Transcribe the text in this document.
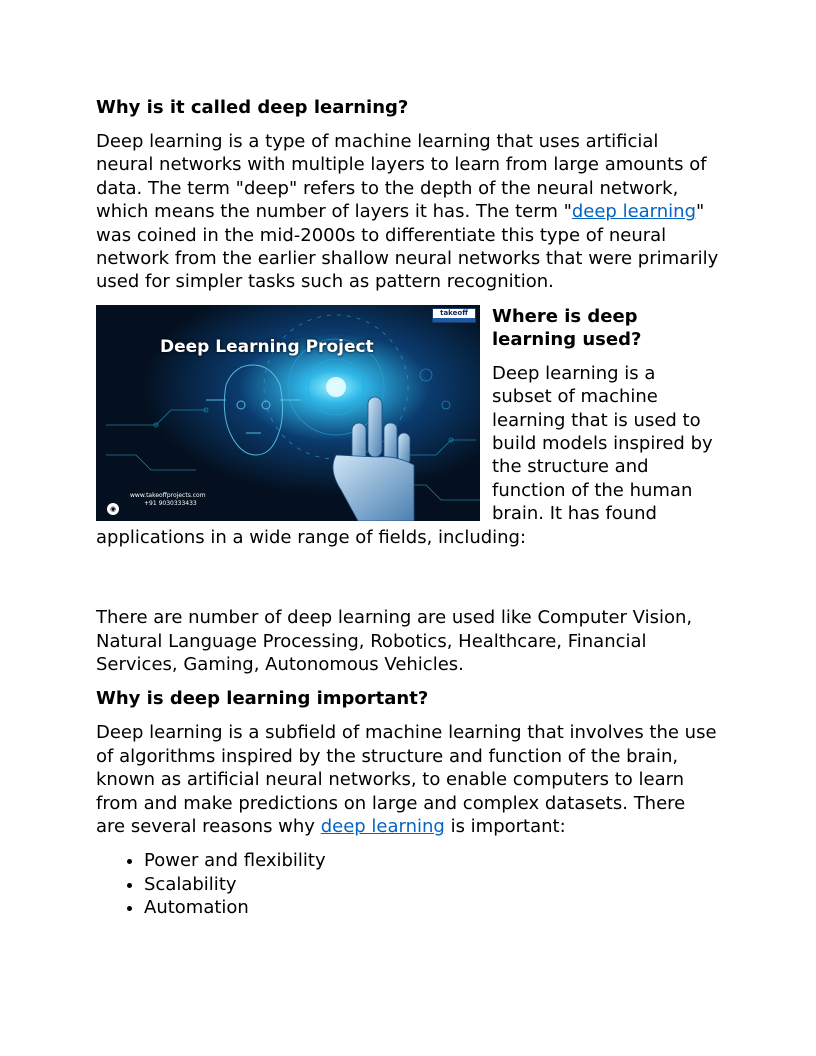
Why is it called deep learning?

Deep learning is a type of machine learning that uses artificial neural networks with multiple layers to learn from large amounts of data. The term "deep" refers to the depth of the neural network, which means the number of layers it has. The term "deep learning" was coined in the mid-2000s to differentiate this type of neural network from the earlier shallow neural networks that were primarily used for simpler tasks such as pattern recognition.

Deep Learning Project
takeoff
www.takeoffprojects.com
+91 9030333433
◉
Where is deep learning used?

Deep learning is a subset of machine learning that is used to build models inspired by the structure and function of the human brain. It has found applications in a wide range of fields, including:

There are number of deep learning are used like Computer Vision, Natural Language Processing, Robotics, Healthcare, Financial Services, Gaming, Autonomous Vehicles.

Why is deep learning important?

Deep learning is a subfield of machine learning that involves the use of algorithms inspired by the structure and function of the brain, known as artificial neural networks, to enable computers to learn from and make predictions on large and complex datasets. There are several reasons why deep learning is important:

• Power and flexibility
• Scalability
• Automation
